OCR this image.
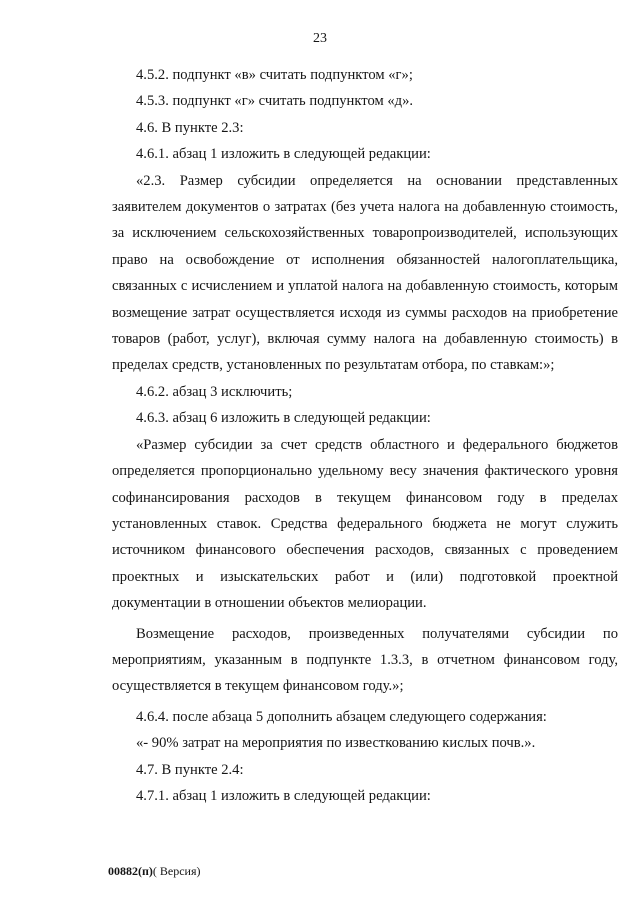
23

4.5.2. подпункт «в» считать подпунктом «г»;

4.5.3. подпункт «г» считать подпунктом «д».

4.6. В пункте 2.3:

4.6.1. абзац 1 изложить в следующей редакции:

«2.3. Размер субсидии определяется на основании представленных заявителем документов о затратах (без учета налога на добавленную стоимость, за исключением сельскохозяйственных товаропроизводителей, использующих право на освобождение от исполнения обязанностей налогоплательщика, связанных с исчислением и уплатой налога на добавленную стоимость, которым возмещение затрат осуществляется исходя из суммы расходов на приобретение товаров (работ, услуг), включая сумму налога на добавленную стоимость) в пределах средств, установленных по результатам отбора, по ставкам:»;

4.6.2. абзац 3 исключить;

4.6.3. абзац 6 изложить в следующей редакции:

«Размер субсидии за счет средств областного и федерального бюджетов определяется пропорционально удельному весу значения фактического уровня софинансирования расходов в текущем финансовом году в пределах установленных ставок. Средства федерального бюджета не могут служить источником финансового обеспечения расходов, связанных с проведением проектных и изыскательских работ и (или) подготовкой проектной документации в отношении объектов мелиорации.

Возмещение расходов, произведенных получателями субсидии по мероприятиям, указанным в подпункте 1.3.3, в отчетном финансовом году, осуществляется в текущем финансовом году.»;

4.6.4. после абзаца 5 дополнить абзацем следующего содержания:

«- 90% затрат на мероприятия по известкованию кислых почв.».

4.7. В пункте 2.4:

4.7.1. абзац 1 изложить в следующей редакции:

00882(п)( Версия)
